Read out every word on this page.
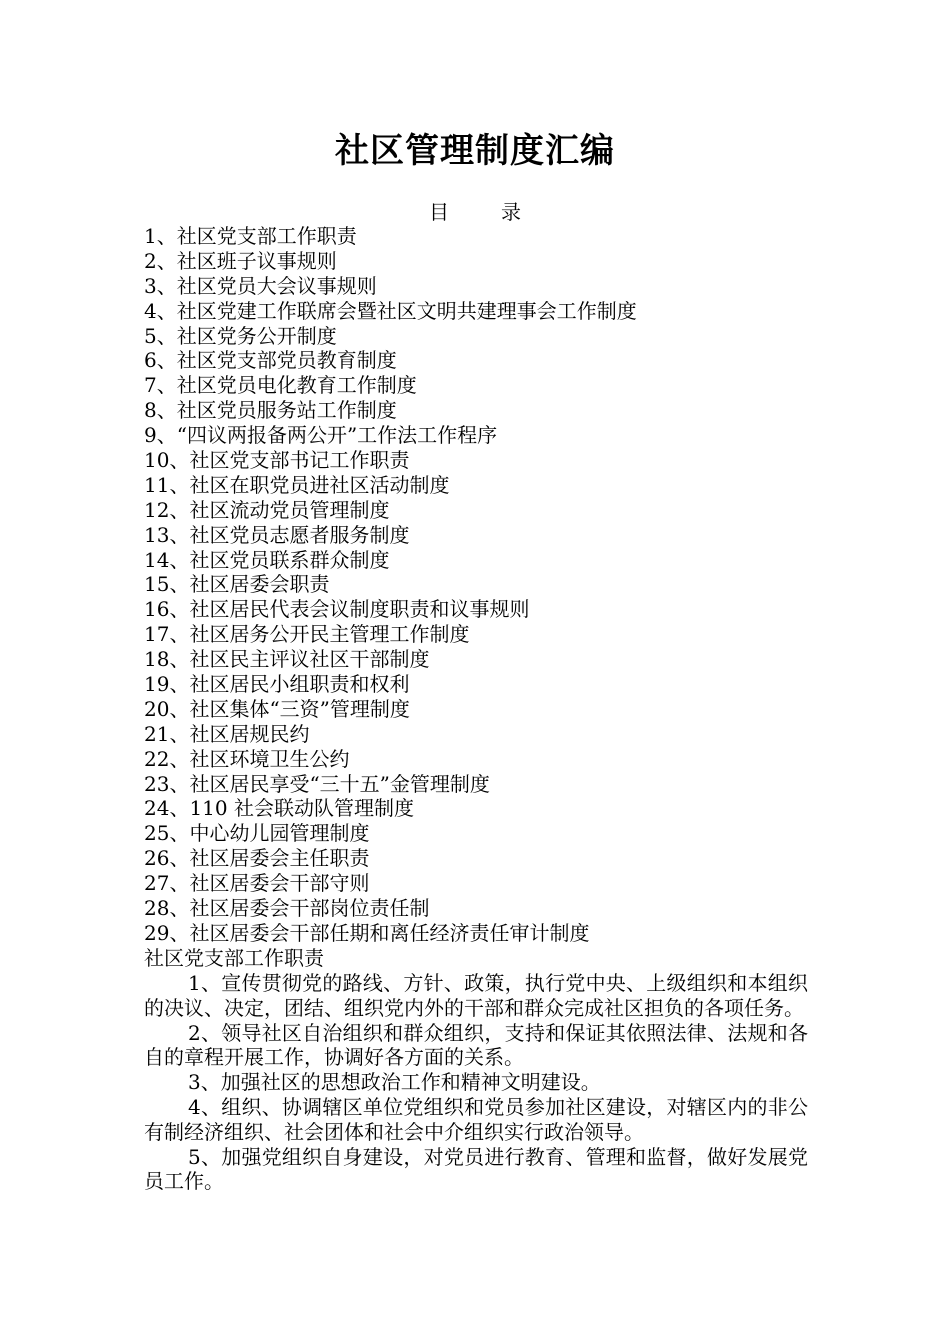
社区管理制度汇编
目	录
1、社区党支部工作职责
2、社区班子议事规则
3、社区党员大会议事规则
4、社区党建工作联席会暨社区文明共建理事会工作制度
5、社区党务公开制度
6、社区党支部党员教育制度
7、社区党员电化教育工作制度
8、社区党员服务站工作制度
9、“四议两报备两公开”工作法工作程序
10、社区党支部书记工作职责
11、社区在职党员进社区活动制度
12、社区流动党员管理制度
13、社区党员志愿者服务制度
14、社区党员联系群众制度
15、社区居委会职责
16、社区居民代表会议制度职责和议事规则
17、社区居务公开民主管理工作制度
18、社区民主评议社区干部制度
19、社区居民小组职责和权利
20、社区集体“三资”管理制度
21、社区居规民约
22、社区环境卫生公约
23、社区居民享受“三十五”金管理制度
24、110 社会联动队管理制度
25、中心幼儿园管理制度
26、社区居委会主任职责
27、社区居委会干部守则
28、社区居委会干部岗位责任制
29、社区居委会干部任期和离任经济责任审计制度

社区党支部工作职责

1、宣传贯彻党的路线、方针、政策，执行党中央、上级组织和本组织的决议、决定，团结、组织党内外的干部和群众完成社区担负的各项任务。

2、领导社区自治组织和群众组织，支持和保证其依照法律、法规和各自的章程开展工作，协调好各方面的关系。

3、加强社区的思想政治工作和精神文明建设。

4、组织、协调辖区单位党组织和党员参加社区建设，对辖区内的非公有制经济组织、社会团体和社会中介组织实行政治领导。

5、加强党组织自身建设，对党员进行教育、管理和监督，做好发展党员工作。
